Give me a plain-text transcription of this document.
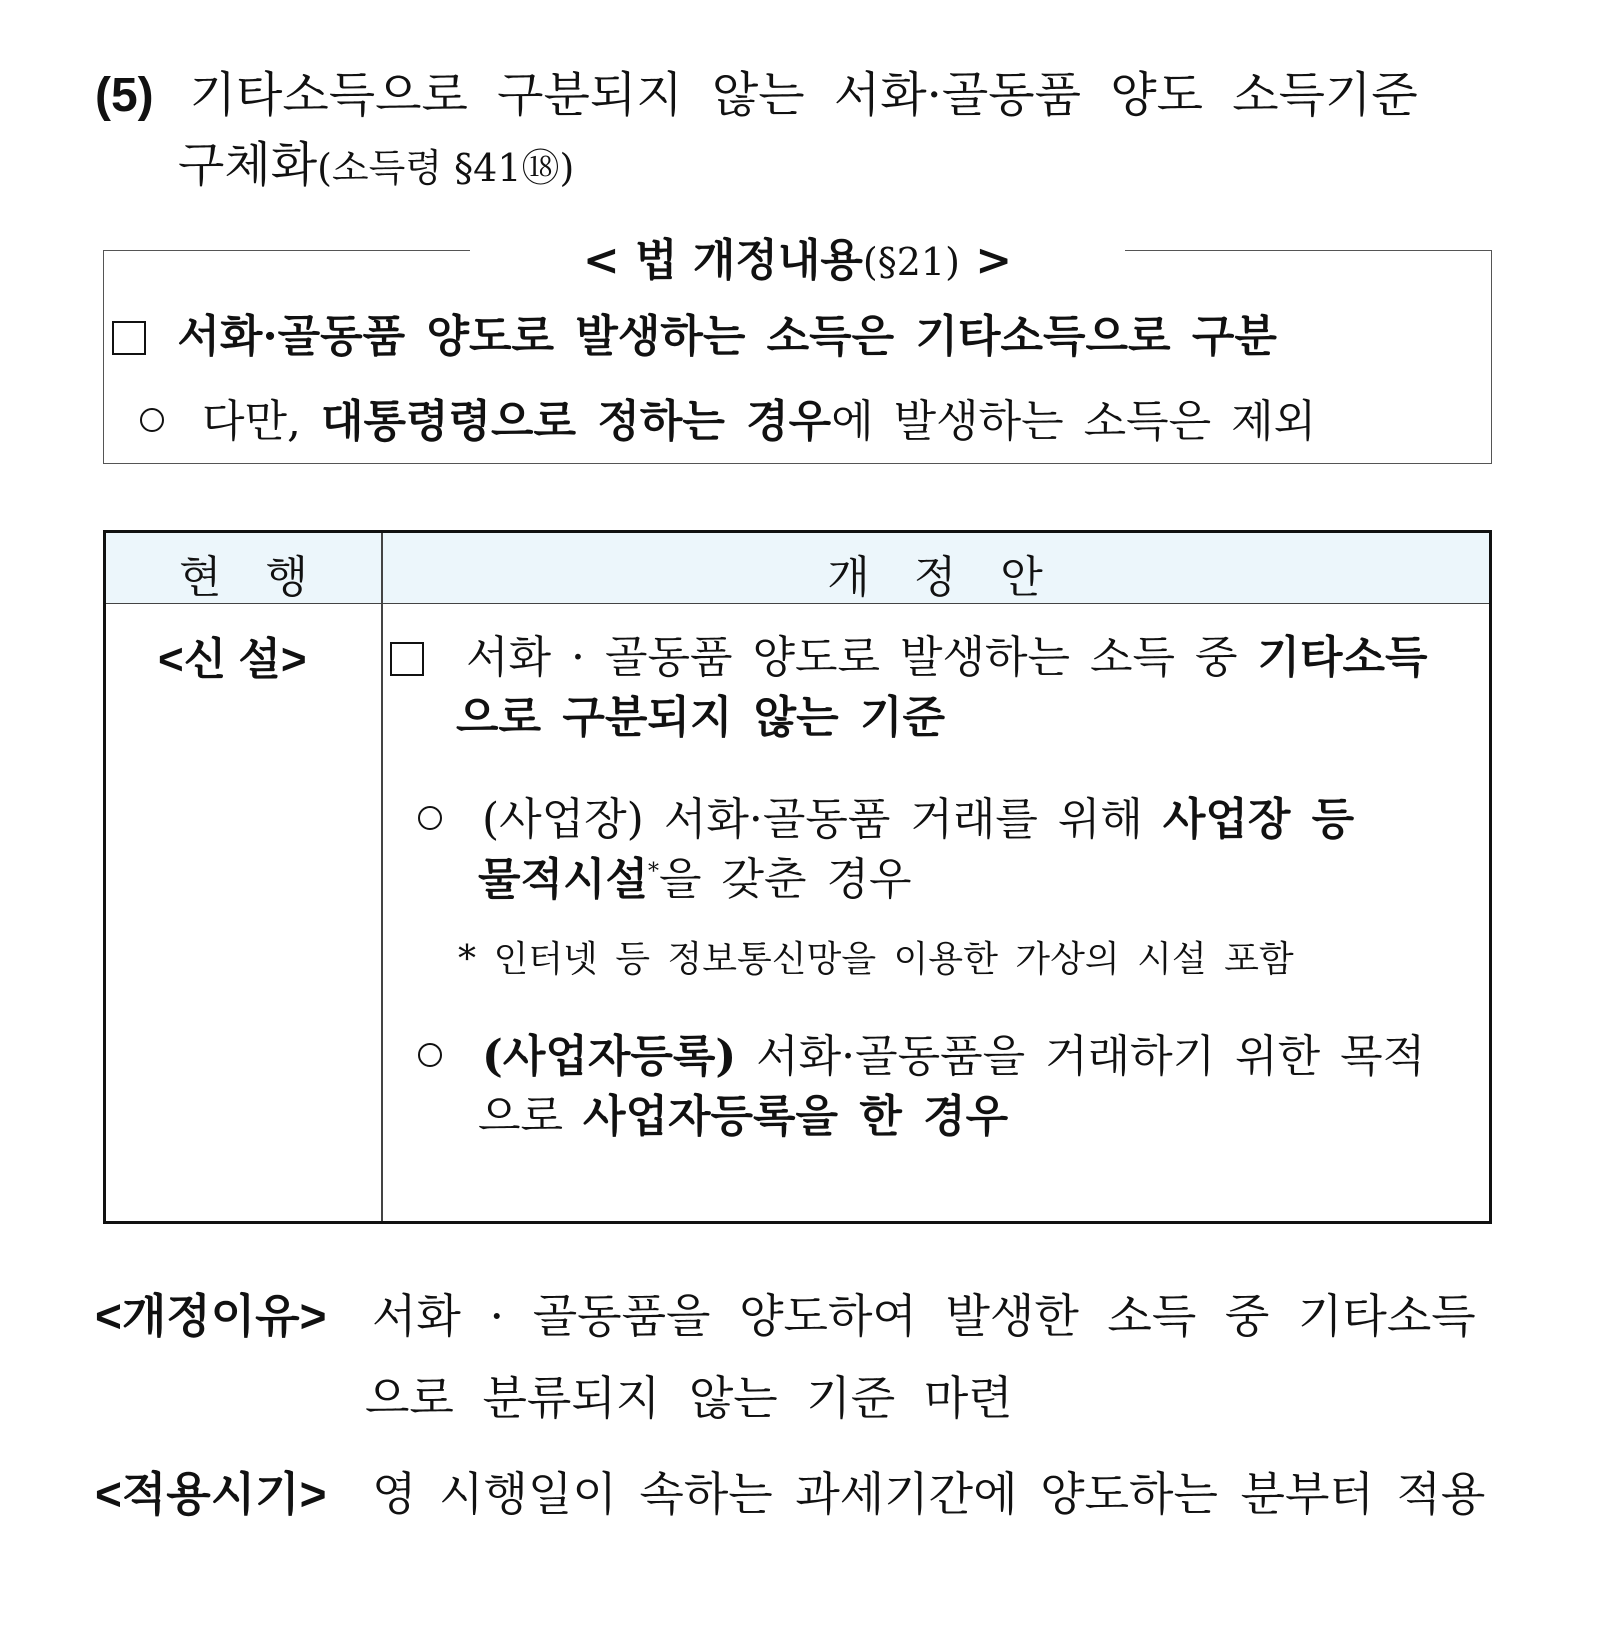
(5) 기타소득으로 구분되지 않는 서화·골동품 양도 소득기준
구체화(소득령 §41⑱)
< 법 개정내용(§21) >
서화·골동품 양도로 발생하는 소득은 기타소득으로 구분
다만, 대통령령으로 정하는 경우에 발생하는 소득은 제외
현행	개정안
<신 설>	서화 · 골동품 양도로 발생하는 소득 중 기타소득
으로 구분되지 않는 기준
(사업장) 서화·골동품 거래를 위해 사업장 등
물적시설*을 갖춘 경우
* 인터넷 등 정보통신망을 이용한 가상의 시설 포함
(사업자등록) 서화·골동품을 거래하기 위한 목적
으로 사업자등록을 한 경우
<개정이유> 서화 · 골동품을 양도하여 발생한 소득 중 기타소득
으로 분류되지 않는 기준 마련
<적용시기> 영 시행일이 속하는 과세기간에 양도하는 분부터 적용
